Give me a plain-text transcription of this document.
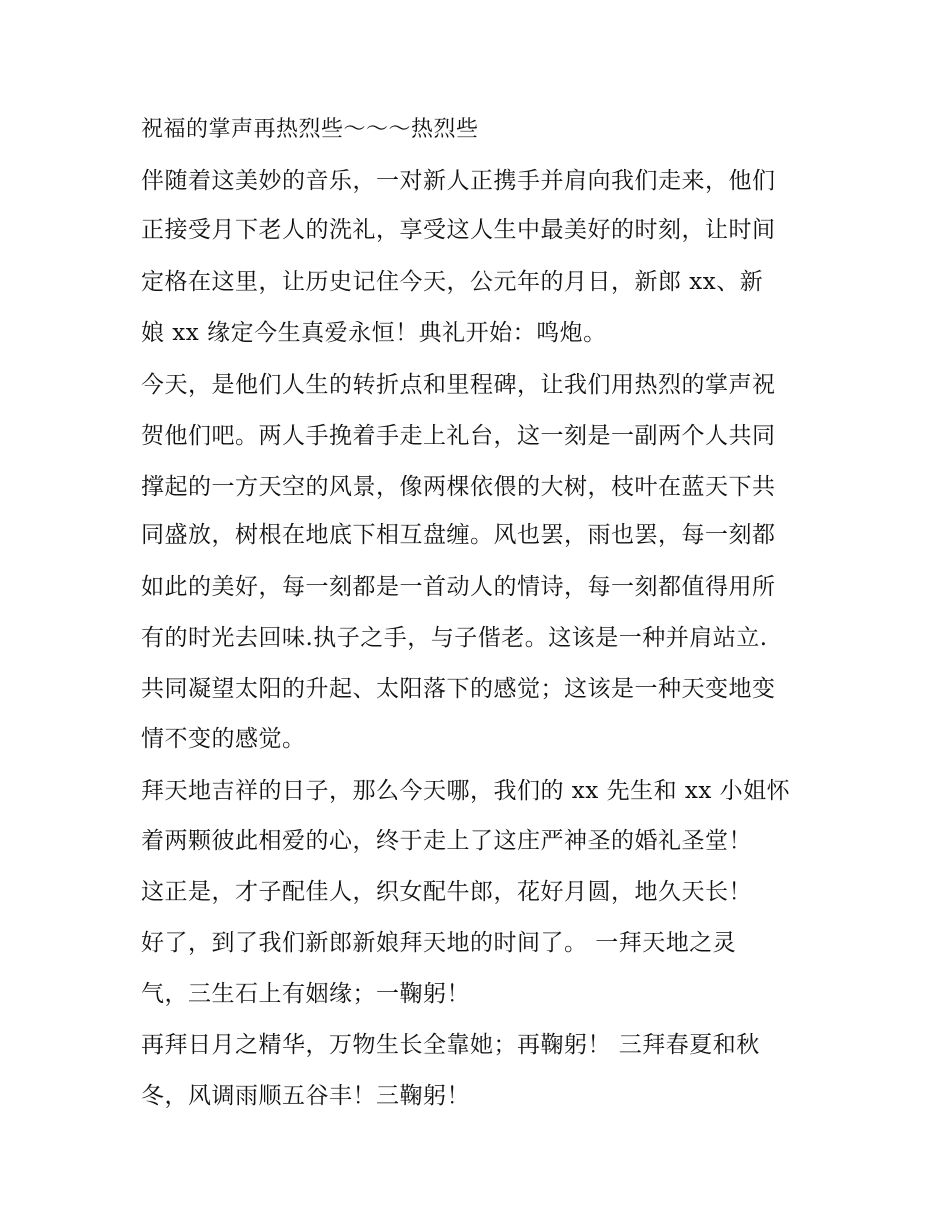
祝福的掌声再热烈些～～～热烈些
伴随着这美妙的音乐，一对新人正携手并肩向我们走来，他们
正接受月下老人的洗礼，享受这人生中最美好的时刻，让时间
定格在这里，让历史记住今天，公元年的月日，新郎 xx、新
娘 xx 缘定今生真爱永恒！典礼开始：鸣炮。
今天，是他们人生的转折点和里程碑，让我们用热烈的掌声祝
贺他们吧。两人手挽着手走上礼台，这一刻是一副两个人共同
撑起的一方天空的风景，像两棵依偎的大树，枝叶在蓝天下共
同盛放，树根在地底下相互盘缠。风也罢，雨也罢，每一刻都
如此的美好，每一刻都是一首动人的情诗，每一刻都值得用所
有的时光去回味.执子之手，与子偕老。这该是一种并肩站立.
共同凝望太阳的升起、太阳落下的感觉；这该是一种天变地变
情不变的感觉。
拜天地吉祥的日子，那么今天哪，我们的 xx 先生和 xx 小姐怀
着两颗彼此相爱的心，终于走上了这庄严神圣的婚礼圣堂！
这正是，才子配佳人，织女配牛郎，花好月圆，地久天长！
好了，到了我们新郎新娘拜天地的时间了。 一拜天地之灵
气，三生石上有姻缘；一鞠躬！
再拜日月之精华，万物生长全靠她；再鞠躬！ 三拜春夏和秋
冬，风调雨顺五谷丰！三鞠躬！
